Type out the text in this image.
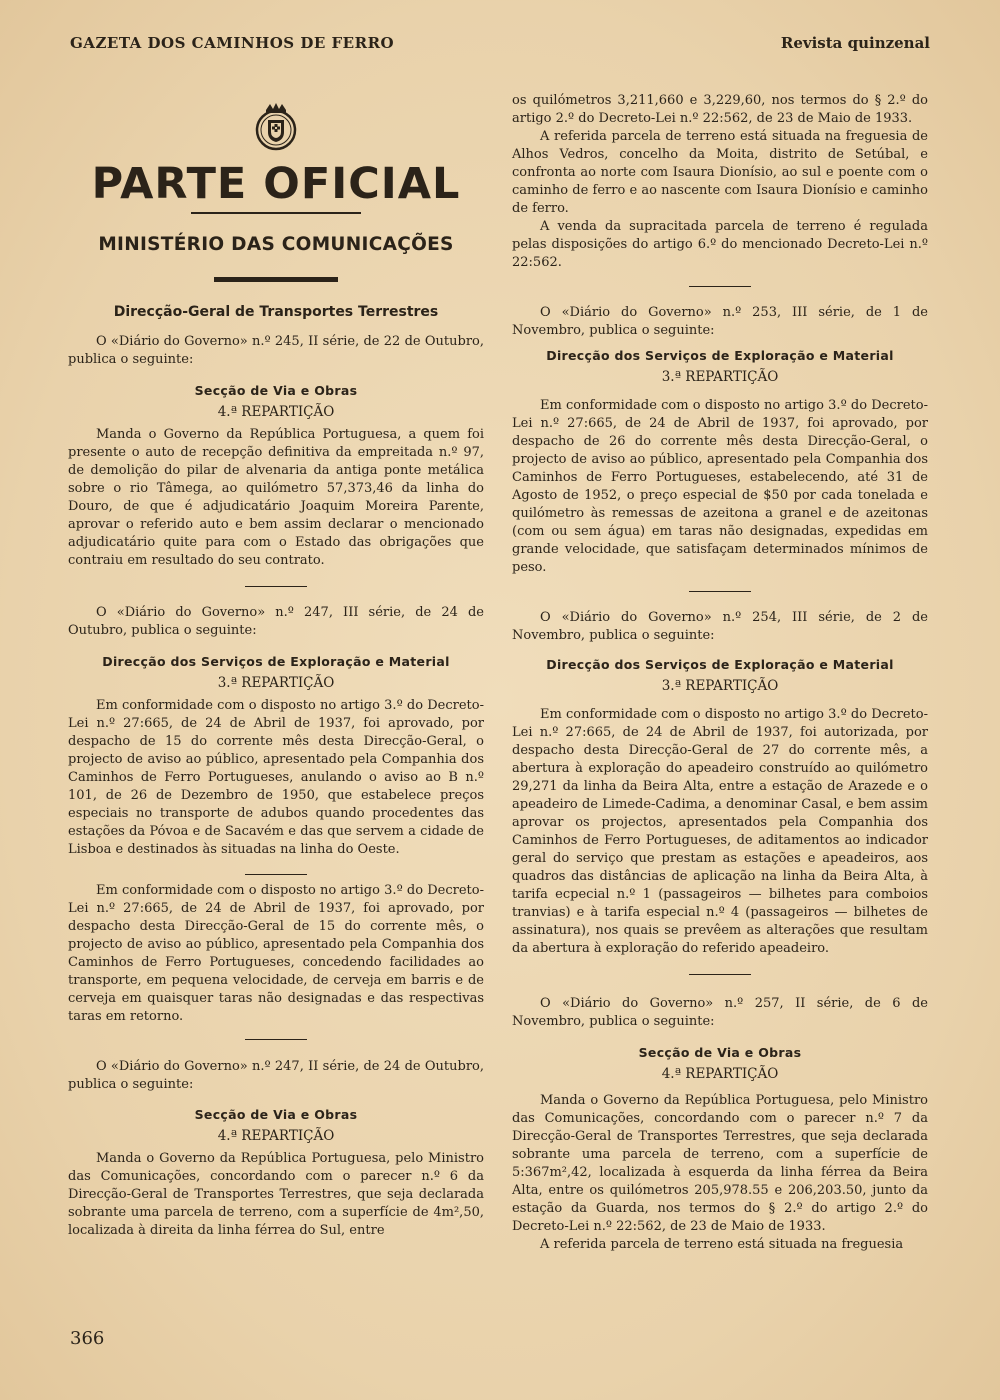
GAZETA DOS CAMINHOS DE FERRO	Revista quinzenal
PARTE OFICIAL
MINISTÉRIO DAS COMUNICAÇÕES
Direcção-Geral de Transportes Terrestres

O «Diário do Governo» n.º 245, II série, de 22 de Outubro, publica o seguinte:

Secção de Via e Obras
4.ª REPARTIÇÃO

Manda o Governo da República Portuguesa, a quem foi presente o auto de recepção definitiva da empreitada n.º 97, de demolição do pilar de alvenaria da antiga ponte metálica sobre o rio Tâmega, ao quilómetro 57,373,46 da linha do Douro, de que é adjudicatário Joaquim Moreira Parente, aprovar o referido auto e bem assim declarar o mencionado adjudicatário quite para com o Estado das obrigações que contraiu em resultado do seu contrato.

O «Diário do Governo» n.º 247, III série, de 24 de Outubro, publica o seguinte:

Direcção dos Serviços de Exploração e Material
3.ª REPARTIÇÃO

Em conformidade com o disposto no artigo 3.º do Decreto-Lei n.º 27:665, de 24 de Abril de 1937, foi aprovado, por despacho de 15 do corrente mês desta Direcção-Geral, o projecto de aviso ao público, apresentado pela Companhia dos Caminhos de Ferro Portugueses, anulando o aviso ao B n.º 101, de 26 de Dezembro de 1950, que estabelece preços especiais no transporte de adubos quando procedentes das estações da Póvoa e de Sacavém e das que servem a cidade de Lisboa e destinados às situadas na linha do Oeste.

Em conformidade com o disposto no artigo 3.º do Decreto-Lei n.º 27:665, de 24 de Abril de 1937, foi aprovado, por despacho desta Direcção-Geral de 15 do corrente mês, o projecto de aviso ao público, apresentado pela Companhia dos Caminhos de Ferro Portugueses, concedendo facilidades ao transporte, em pequena velocidade, de cerveja em barris e de cerveja em quaisquer taras não designadas e das respectivas taras em retorno.

O «Diário do Governo» n.º 247, II série, de 24 de Outubro, publica o seguinte:

Secção de Via e Obras
4.ª REPARTIÇÃO

Manda o Governo da República Portuguesa, pelo Ministro das Comunicações, concordando com o parecer n.º 6 da Direcção-Geral de Transportes Terrestres, que seja declarada sobrante uma parcela de terreno, com a superfície de 4m²,50, localizada à direita da linha férrea do Sul, entre

os quilómetros 3,211,660 e 3,229,60, nos termos do § 2.º do artigo 2.º do Decreto-Lei n.º 22:562, de 23 de Maio de 1933.

A referida parcela de terreno está situada na freguesia de Alhos Vedros, concelho da Moita, distrito de Setúbal, e confronta ao norte com Isaura Dionísio, ao sul e poente com o caminho de ferro e ao nascente com Isaura Dionísio e caminho de ferro.

A venda da supracitada parcela de terreno é regulada pelas disposições do artigo 6.º do mencionado Decreto-Lei n.º 22:562.

O «Diário do Governo» n.º 253, III série, de 1 de Novembro, publica o seguinte:

Direcção dos Serviços de Exploração e Material
3.ª REPARTIÇÃO

Em conformidade com o disposto no artigo 3.º do Decreto-Lei n.º 27:665, de 24 de Abril de 1937, foi aprovado, por despacho de 26 do corrente mês desta Direcção-Geral, o projecto de aviso ao público, apresentado pela Companhia dos Caminhos de Ferro Portugueses, estabelecendo, até 31 de Agosto de 1952, o preço especial de $50 por cada tonelada e quilómetro às remessas de azeitona a granel e de azeitonas (com ou sem água) em taras não designadas, expedidas em grande velocidade, que satisfaçam determinados mínimos de peso.

O «Diário do Governo» n.º 254, III série, de 2 de Novembro, publica o seguinte:

Direcção dos Serviços de Exploração e Material
3.ª REPARTIÇÃO

Em conformidade com o disposto no artigo 3.º do Decreto-Lei n.º 27:665, de 24 de Abril de 1937, foi autorizada, por despacho desta Direcção-Geral de 27 do corrente mês, a abertura à exploração do apeadeiro construído ao quilómetro 29,271 da linha da Beira Alta, entre a estação de Arazede e o apeadeiro de Limede-Cadima, a denominar Casal, e bem assim aprovar os projectos, apresentados pela Companhia dos Caminhos de Ferro Portugueses, de aditamentos ao indicador geral do serviço que prestam as estações e apeadeiros, aos quadros das distâncias de aplicação na linha da Beira Alta, à tarifa ecpecial n.º 1 (passageiros — bilhetes para comboios tranvias) e à tarifa especial n.º 4 (passageiros — bilhetes de assinatura), nos quais se prevêem as alterações que resultam da abertura à exploração do referido apeadeiro.

O «Diário do Governo» n.º 257, II série, de 6 de Novembro, publica o seguinte:

Secção de Via e Obras
4.ª REPARTIÇÃO

Manda o Governo da República Portuguesa, pelo Ministro das Comunicações, concordando com o parecer n.º 7 da Direcção-Geral de Transportes Terrestres, que seja declarada sobrante uma parcela de terreno, com a superfície de 5:367m²,42, localizada à esquerda da linha férrea da Beira Alta, entre os quilómetros 205,978.55 e 206,203.50, junto da estação da Guarda, nos termos do § 2.º do artigo 2.º do Decreto-Lei n.º 22:562, de 23 de Maio de 1933.

A referida parcela de terreno está situada na freguesia

366
